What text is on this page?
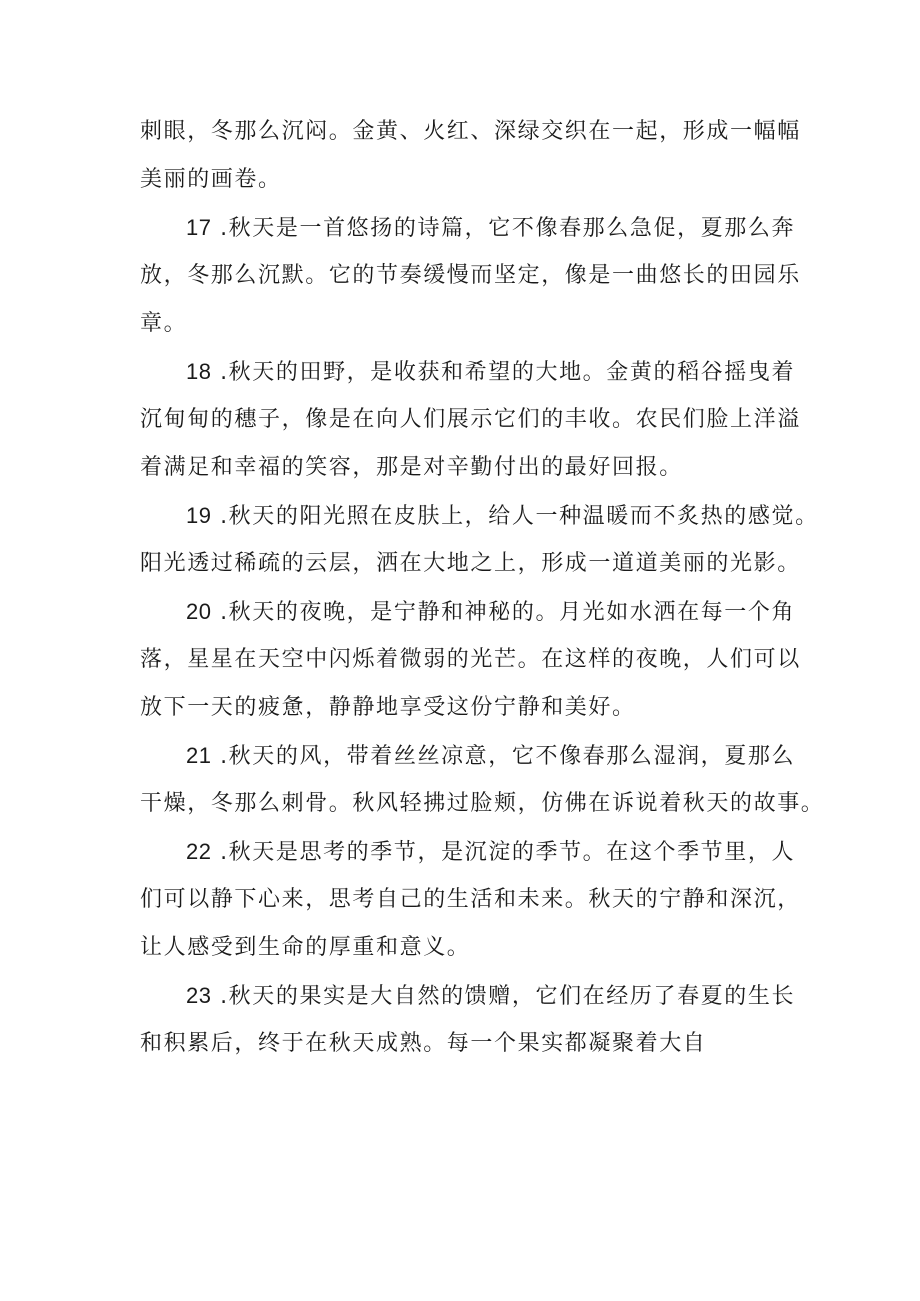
刺眼，冬那么沉闷。金黄、火红、深绿交织在一起，形成一幅幅
美丽的画卷。

17 .秋天是一首悠扬的诗篇，它不像春那么急促，夏那么奔
放，冬那么沉默。它的节奏缓慢而坚定，像是一曲悠长的田园乐
章。

18 .秋天的田野，是收获和希望的大地。金黄的稻谷摇曳着
沉甸甸的穗子，像是在向人们展示它们的丰收。农民们脸上洋溢
着满足和幸福的笑容，那是对辛勤付出的最好回报。

19 .秋天的阳光照在皮肤上，给人一种温暖而不炙热的感觉。
阳光透过稀疏的云层，洒在大地之上，形成一道道美丽的光影。

20 .秋天的夜晚，是宁静和神秘的。月光如水洒在每一个角
落，星星在天空中闪烁着微弱的光芒。在这样的夜晚，人们可以
放下一天的疲惫，静静地享受这份宁静和美好。

21 .秋天的风，带着丝丝凉意，它不像春那么湿润，夏那么
干燥，冬那么刺骨。秋风轻拂过脸颊，仿佛在诉说着秋天的故事。

22 .秋天是思考的季节，是沉淀的季节。在这个季节里，人
们可以静下心来，思考自己的生活和未来。秋天的宁静和深沉，
让人感受到生命的厚重和意义。

23 .秋天的果实是大自然的馈赠，它们在经历了春夏的生长
和积累后，终于在秋天成熟。每一个果实都凝聚着大自
